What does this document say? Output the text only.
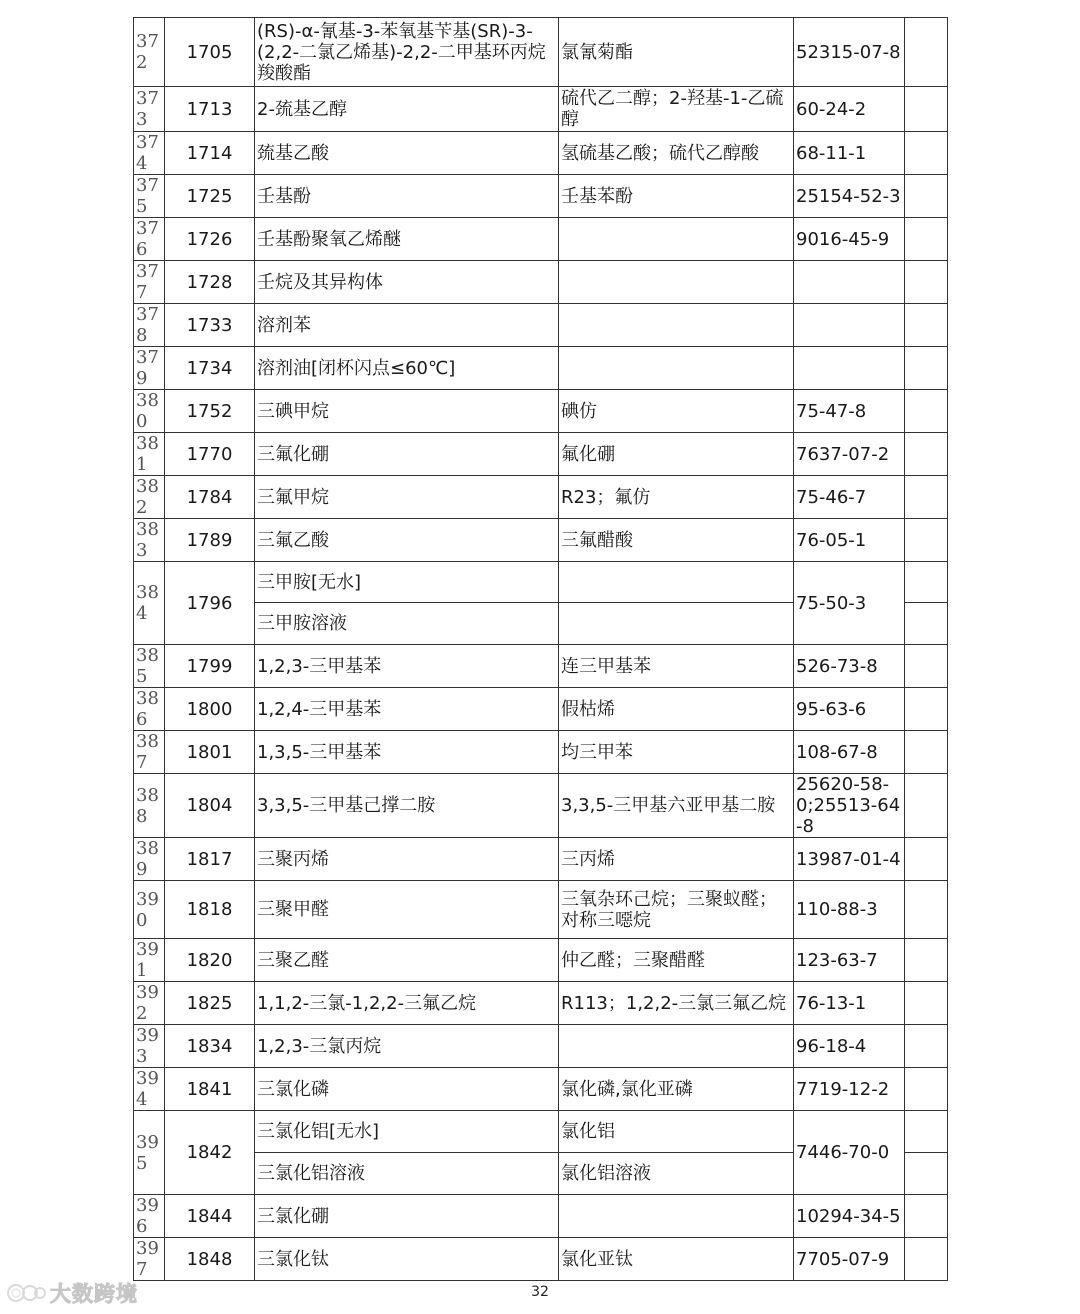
372	1705	(RS)-α-氰基-3-苯氧基苄基(SR)-3-(2,2-二氯乙烯基)-2,2-二甲基环丙烷羧酸酯	氯氰菊酯	52315-07-8	
373	1713	2-巯基乙醇	硫代乙二醇；2-羟基-1-乙硫醇	60-24-2	
374	1714	巯基乙酸	氢硫基乙酸；硫代乙醇酸	68-11-1	
375	1725	壬基酚	壬基苯酚	25154-52-3	
376	1726	壬基酚聚氧乙烯醚		9016-45-9	
377	1728	壬烷及其异构体			
378	1733	溶剂苯			
379	1734	溶剂油[闭杯闪点≤60℃]			
380	1752	三碘甲烷	碘仿	75-47-8	
381	1770	三氟化硼	氟化硼	7637-07-2	
382	1784	三氟甲烷	R23；氟仿	75-46-7	
383	1789	三氟乙酸	三氟醋酸	76-05-1	
384	1796	三甲胺[无水]		75-50-3	
		三甲胺溶液			
385	1799	1,2,3-三甲基苯	连三甲基苯	526-73-8	
386	1800	1,2,4-三甲基苯	假枯烯	95-63-6	
387	1801	1,3,5-三甲基苯	均三甲苯	108-67-8	
388	1804	3,3,5-三甲基己撑二胺	3,3,5-三甲基六亚甲基二胺	25620-58-0;25513-64-8	
389	1817	三聚丙烯	三丙烯	13987-01-4	
390	1818	三聚甲醛	三氧杂环己烷；三聚蚁醛；对称三噁烷	110-88-3	
391	1820	三聚乙醛	仲乙醛；三聚醋醛	123-63-7	
392	1825	1,1,2-三氯-1,2,2-三氟乙烷	R113；1,2,2-三氯三氟乙烷	76-13-1	
393	1834	1,2,3-三氯丙烷		96-18-4	
394	1841	三氯化磷	氯化磷,氯化亚磷	7719-12-2	
395	1842	三氯化铝[无水]	氯化铝	7446-70-0	
		三氯化铝溶液	氯化铝溶液		
396	1844	三氯化硼		10294-34-5	
397	1848	三氯化钛	氯化亚钛	7705-07-9	
32
大数跨境
